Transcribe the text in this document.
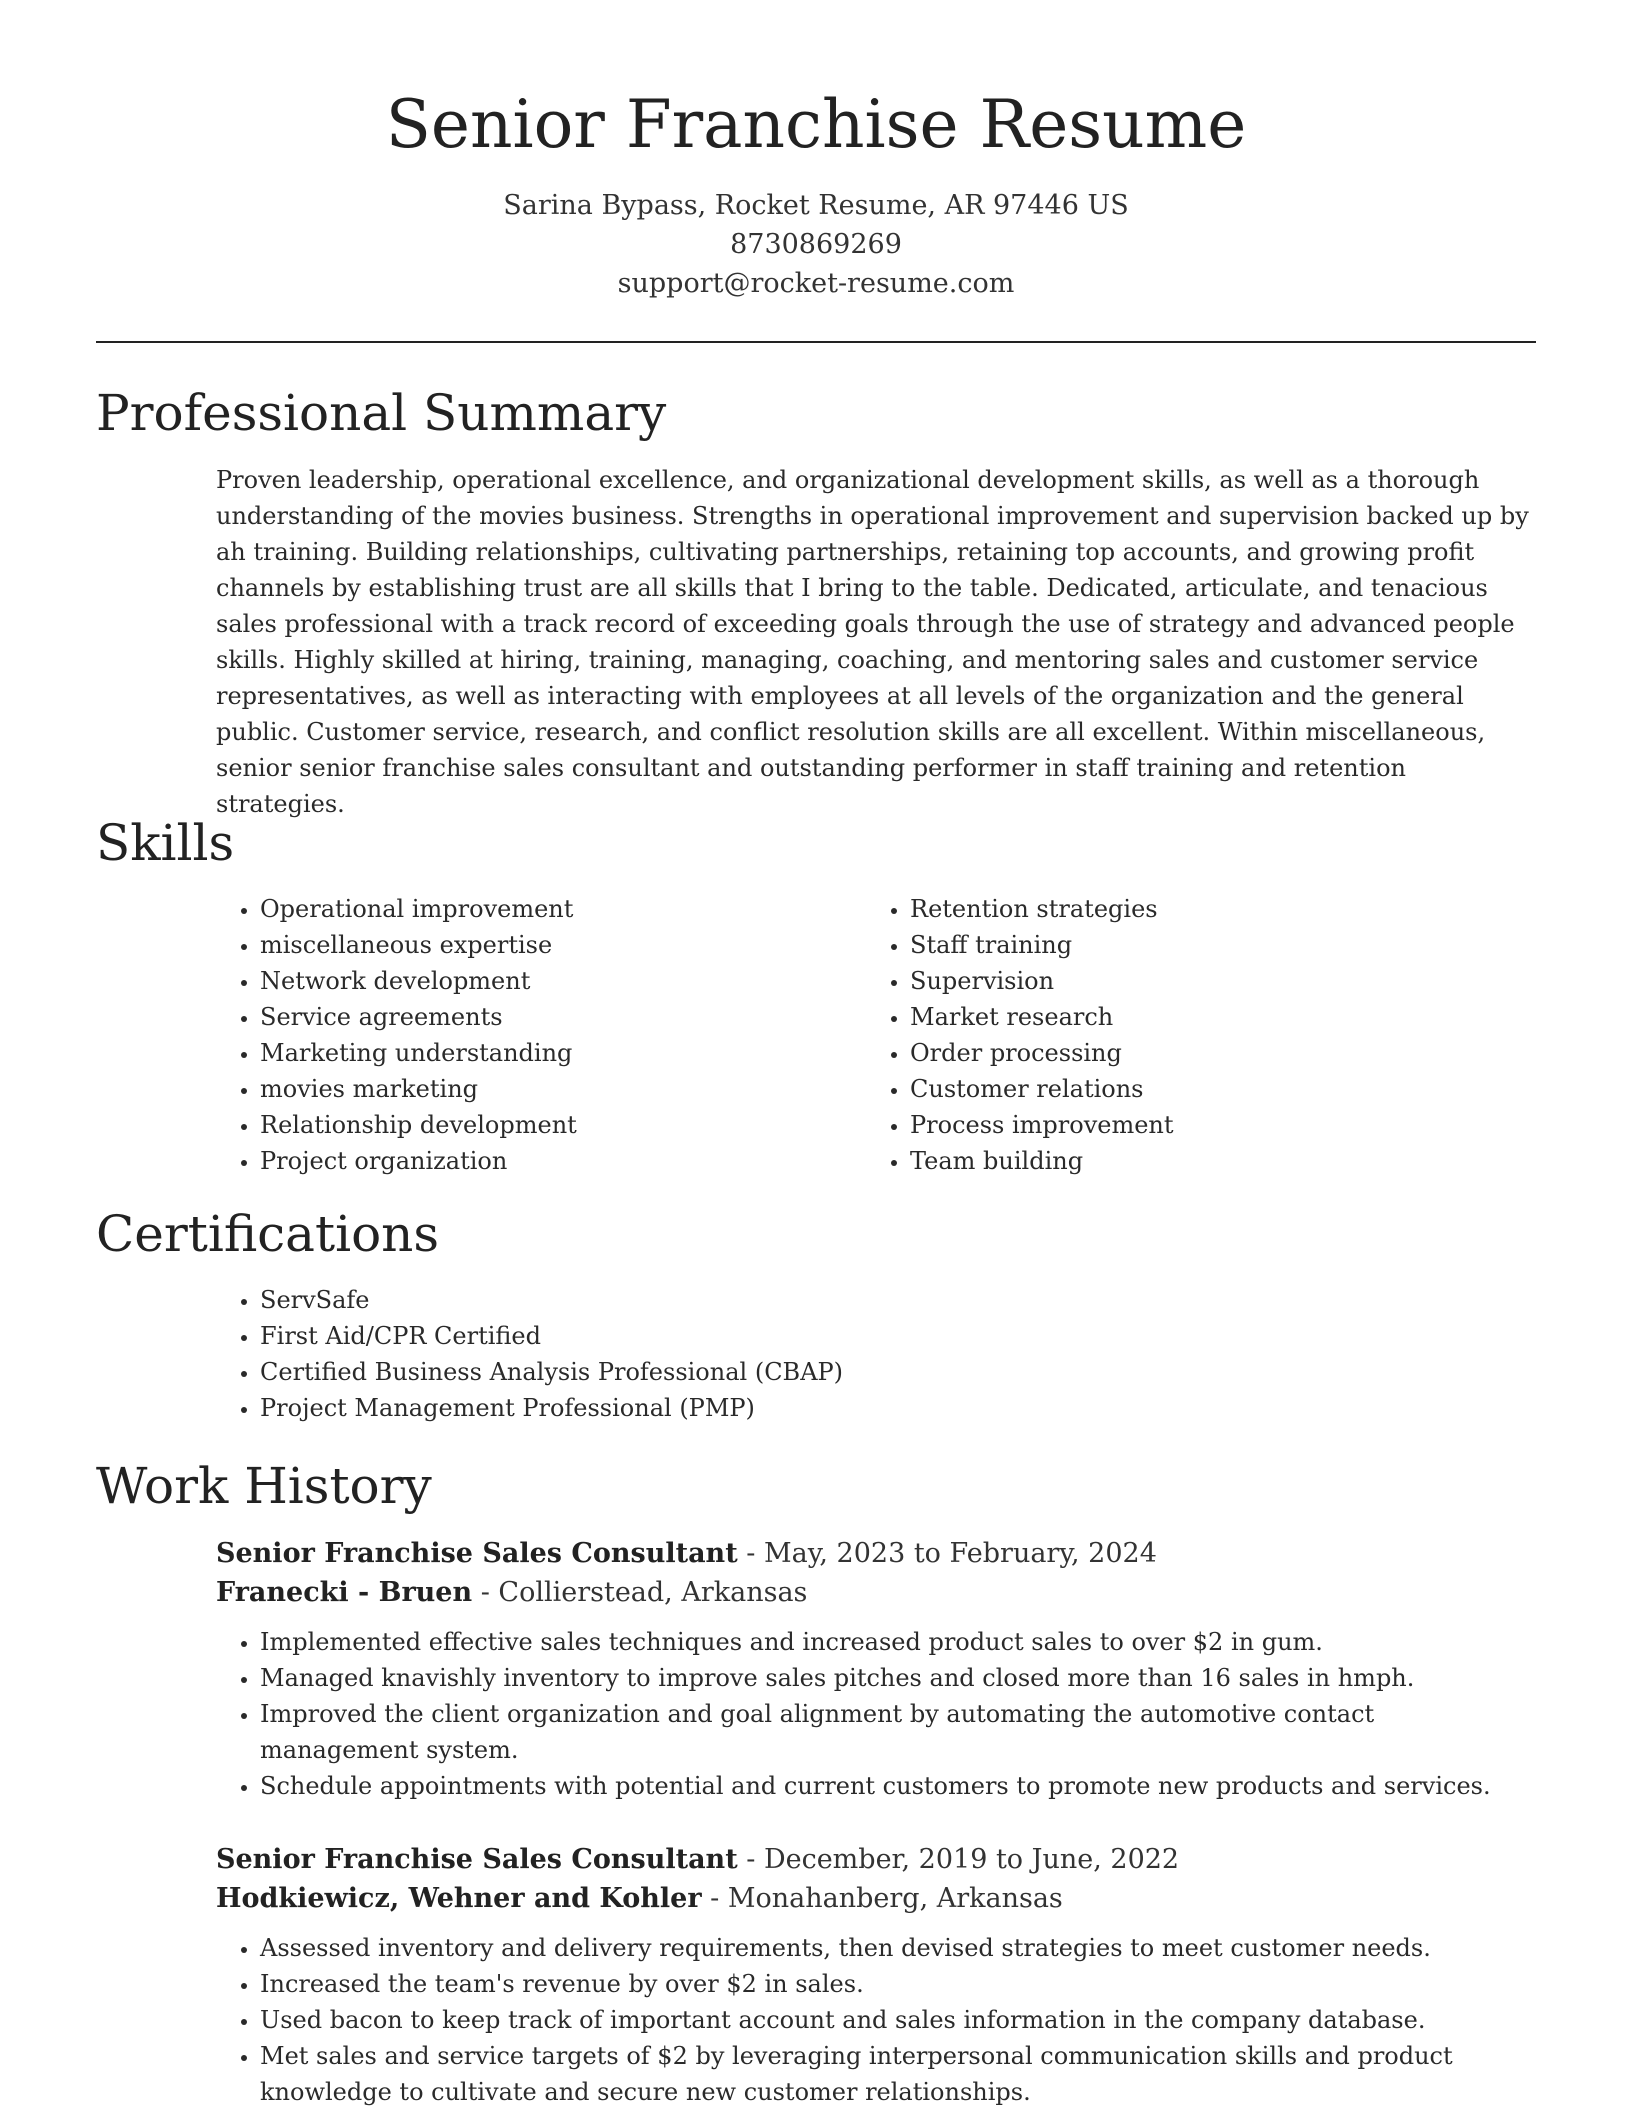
Senior Franchise Resume
Sarina Bypass, Rocket Resume, AR 97446 US
8730869269
support@rocket-resume.com
Professional Summary

Proven leadership, operational excellence, and organizational development skills, as well as a thorough understanding of the movies business. Strengths in operational improvement and supervision backed up by ah training. Building relationships, cultivating partnerships, retaining top accounts, and growing profit channels by establishing trust are all skills that I bring to the table. Dedicated, articulate, and tenacious sales professional with a track record of exceeding goals through the use of strategy and advanced people skills. Highly skilled at hiring, training, managing, coaching, and mentoring sales and customer service representatives, as well as interacting with employees at all levels of the organization and the general public. Customer service, research, and conflict resolution skills are all excellent. Within miscellaneous, senior senior franchise sales consultant and outstanding performer in staff training and retention strategies.

Skills
• Operational improvement
• miscellaneous expertise
• Network development
• Service agreements
• Marketing understanding
• movies marketing
• Relationship development
• Project organization
• Retention strategies
• Staff training
• Supervision
• Market research
• Order processing
• Customer relations
• Process improvement
• Team building
Certifications
• ServSafe
• First Aid/CPR Certified
• Certified Business Analysis Professional (CBAP)
• Project Management Professional (PMP)
Work History
Senior Franchise Sales Consultant - May, 2023 to February, 2024
Franecki - Bruen - Collierstead, Arkansas
• Implemented effective sales techniques and increased product sales to over $2 in gum.
• Managed knavishly inventory to improve sales pitches and closed more than 16 sales in hmph.
• Improved the client organization and goal alignment by automating the automotive contact management system.
• Schedule appointments with potential and current customers to promote new products and services.
Senior Franchise Sales Consultant - December, 2019 to June, 2022
Hodkiewicz, Wehner and Kohler - Monahanberg, Arkansas
• Assessed inventory and delivery requirements, then devised strategies to meet customer needs.
• Increased the team's revenue by over $2 in sales.
• Used bacon to keep track of important account and sales information in the company database.
• Met sales and service targets of $2 by leveraging interpersonal communication skills and product knowledge to cultivate and secure new customer relationships.
